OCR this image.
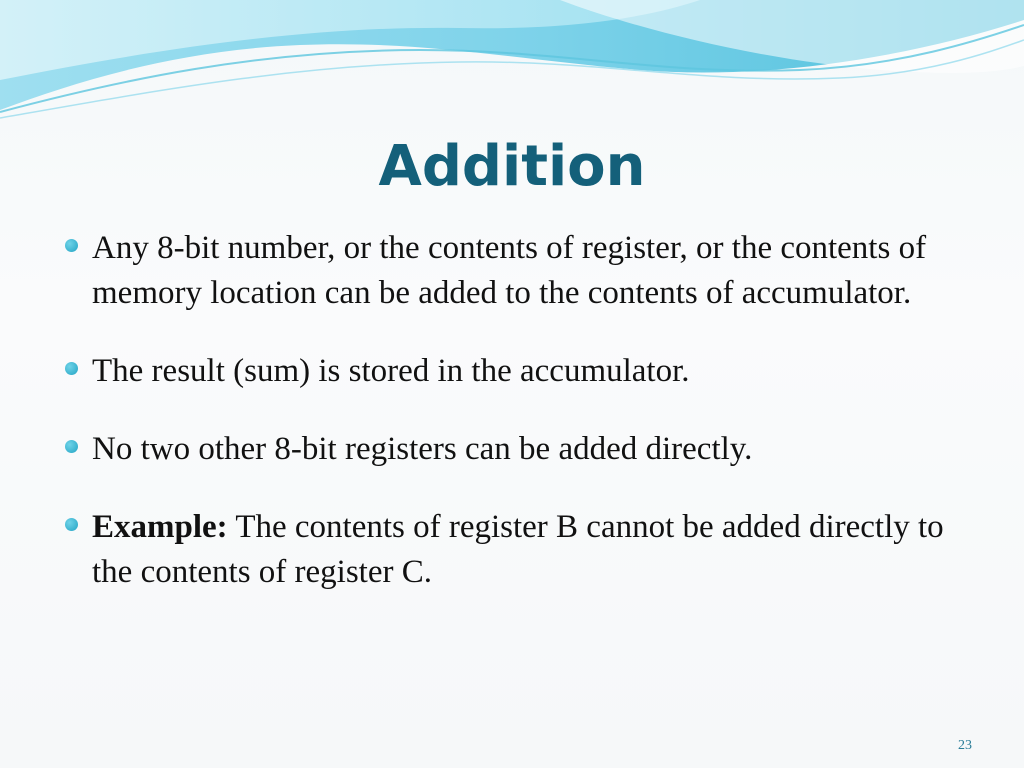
Addition
Any 8-bit number, or the contents of register, or the contents of memory location can be added to the contents of accumulator.
The result (sum) is stored in the accumulator.
No two other 8-bit registers can be added directly.
Example: The contents of register B cannot be added directly to the contents of register C.
23
